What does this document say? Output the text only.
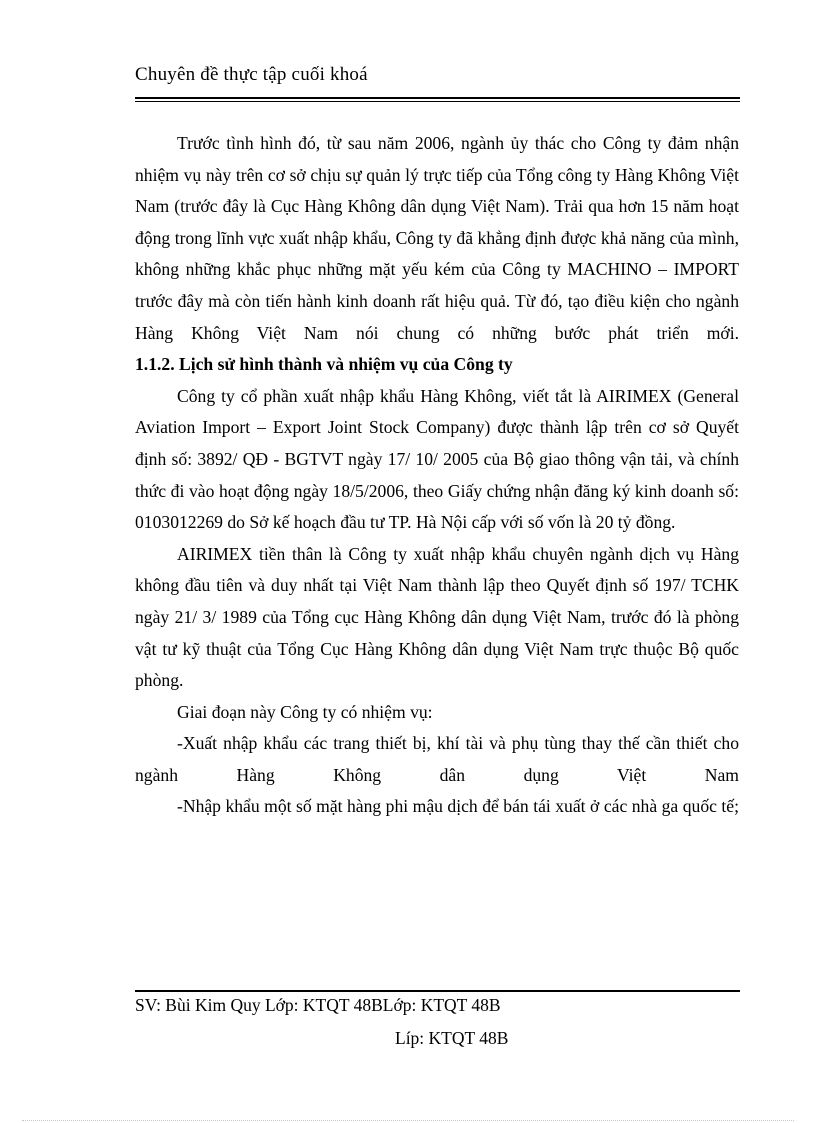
Chuyên đề thực tập cuối khoá

Trước tình hình đó, từ sau năm 2006, ngành ủy thác cho Công ty đảm nhận nhiệm vụ này trên cơ sở chịu sự quản lý trực tiếp của Tổng công ty Hàng Không Việt Nam (trước đây là Cục Hàng Không dân dụng Việt Nam). Trải qua hơn 15 năm hoạt động trong lĩnh vực xuất nhập khẩu, Công ty đã khẳng định được khả năng của mình, không những khắc phục những mặt yếu kém của Công ty MACHINO – IMPORT trước đây mà còn tiến hành kinh doanh rất hiệu quả. Từ đó, tạo điều kiện cho ngành Hàng Không Việt Nam nói chung có những bước phát triển mới.

1.1.2. Lịch sử hình thành và nhiệm vụ của Công ty

Công ty cổ phần xuất nhập khẩu Hàng Không, viết tắt là AIRIMEX (General Aviation Import – Export Joint Stock Company) được thành lập trên cơ sở Quyết định số: 3892/ QĐ - BGTVT ngày 17/ 10/ 2005 của Bộ giao thông vận tải, và chính thức đi vào hoạt động ngày 18/5/2006, theo Giấy chứng nhận đăng ký kinh doanh số: 0103012269 do Sở kế hoạch đầu tư TP. Hà Nội cấp với số vốn là 20 tỷ đồng.

AIRIMEX tiền thân là Công ty xuất nhập khẩu chuyên ngành dịch vụ Hàng không đầu tiên và duy nhất tại Việt Nam thành lập theo Quyết định số 197/ TCHK ngày 21/ 3/ 1989 của Tổng cục Hàng Không dân dụng Việt Nam, trước đó là phòng vật tư kỹ thuật của Tổng Cục Hàng Không dân dụng Việt Nam trực thuộc Bộ quốc phòng.

Giai đoạn này Công ty có nhiệm vụ:

-Xuất nhập khẩu các trang thiết bị, khí tài và phụ tùng thay thế cần thiết cho ngành Hàng Không dân dụng Việt Nam

-Nhập khẩu một số mặt hàng phi mậu dịch để bán tái xuất ở các nhà ga quốc tế;

SV: Bùi Kim Quy Lớp: KTQT 48BLớp: KTQT 48B
Líp: KTQT 48B
